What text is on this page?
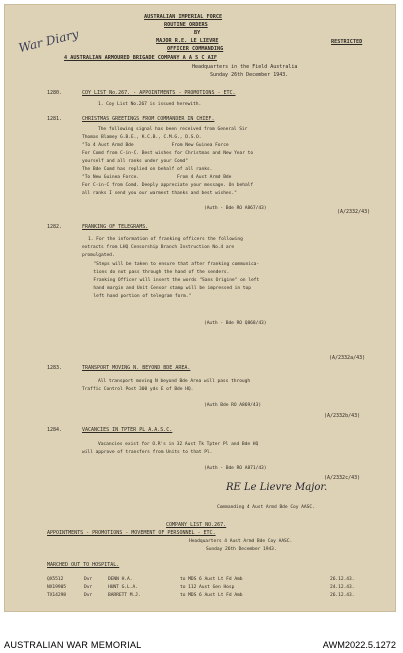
War Diary
AUSTRALIAN IMPERIAL FORCE
RESTRICTED
ROUTINE ORDERS
BY
MAJOR R.E. LE LIEVRE
OFFICER COMMANDING
4 AUSTRALIAN ARMOURED BRIGADE COMPANY A A S C AIF
Headquarters in the Field Australia
Sunday 26th December 1943.
1280.	COY LIST No.267. - APPOINTMENTS - PROMOTIONS - ETC.
1. Coy List No.267 is issued herewith.
1281.	CHRISTMAS GREETINGS FROM COMMANDER IN CHIEF.
The following signal has been received from General Sir
Thomas Blamey G.B.E., K.C.B., C.M.G., D.S.O.
"To 4 Aust Armd Bde              From New Guinea Force
For Comd from C-in-C. Best wishes for Christmas and New Year to
yourself and all ranks under your Comd"
The Bde Comd has replied on behalf of all ranks.
"To New Guinea Force.              From 4 Aust Armd Bde
For C-in-C from Comd. Deeply appreciate your message. On behalf
all ranks I send you our warmest thanks and best wishes."
(Auth - Bde RO A867/43)
(A/2332/43)
1282.	FRANKING OF TELEGRAMS.
1. For the information of franking officers the following
extracts from LHQ Censorship Branch Instruction No.4 are
promulgated.
"Steps will be taken to ensure that after franking communica-
tions do not pass through the hand of the senders.
Franking Officer will insert the words "Sans Origine" on left
hand margin and Unit Censor stamp will be impressed in top
left hand portion of telegram form."
(Auth - Bde RO Q868/43)
(A/2332a/43)
1283.	TRANSPORT MOVING N. BEYOND BDE AREA.
All transport moving N beyond Bde Area will pass through
Traffic Control Post 300 yds E of Bde HQ.
(Auth Bde RO A869/43)
(A/2332b/43)
1284.	VACANCIES IN TPTER PL A.A.S.C.
Vacancies exist for O.R's in 32 Aust Tk Tpter Pl and Bde HQ
will approve of transfers from Units to that Pl.
(Auth - Bde RO A871/43)
(A/2332c/43)
RE Le Lievre Major.
Commanding 4 Aust Armd Bde Coy AASC.
COMPANY LIST NO.267.
APPOINTMENTS - PROMOTIONS - MOVEMENT OF PERSONNEL - ETC.
Headquarters 4 Aust Armd Bde Coy AASC.
Sunday 26th December 1943.
MARCHED OUT TO HOSPITAL.
QX5512	Dvr	DENN H.A.	to MDS 6 Aust Lt Fd Amb	26.12.43.
NX19905	Dvr	HUNT G.L.A.	to 112 Aust Gen Hosp	24.12.43.
TX14298	Dvr	BARRETT M.J.	to MDS 6 Aust Lt Fd Amb	26.12.43.
AUSTRALIAN WAR MEMORIAL	AWM2022.5.1272
